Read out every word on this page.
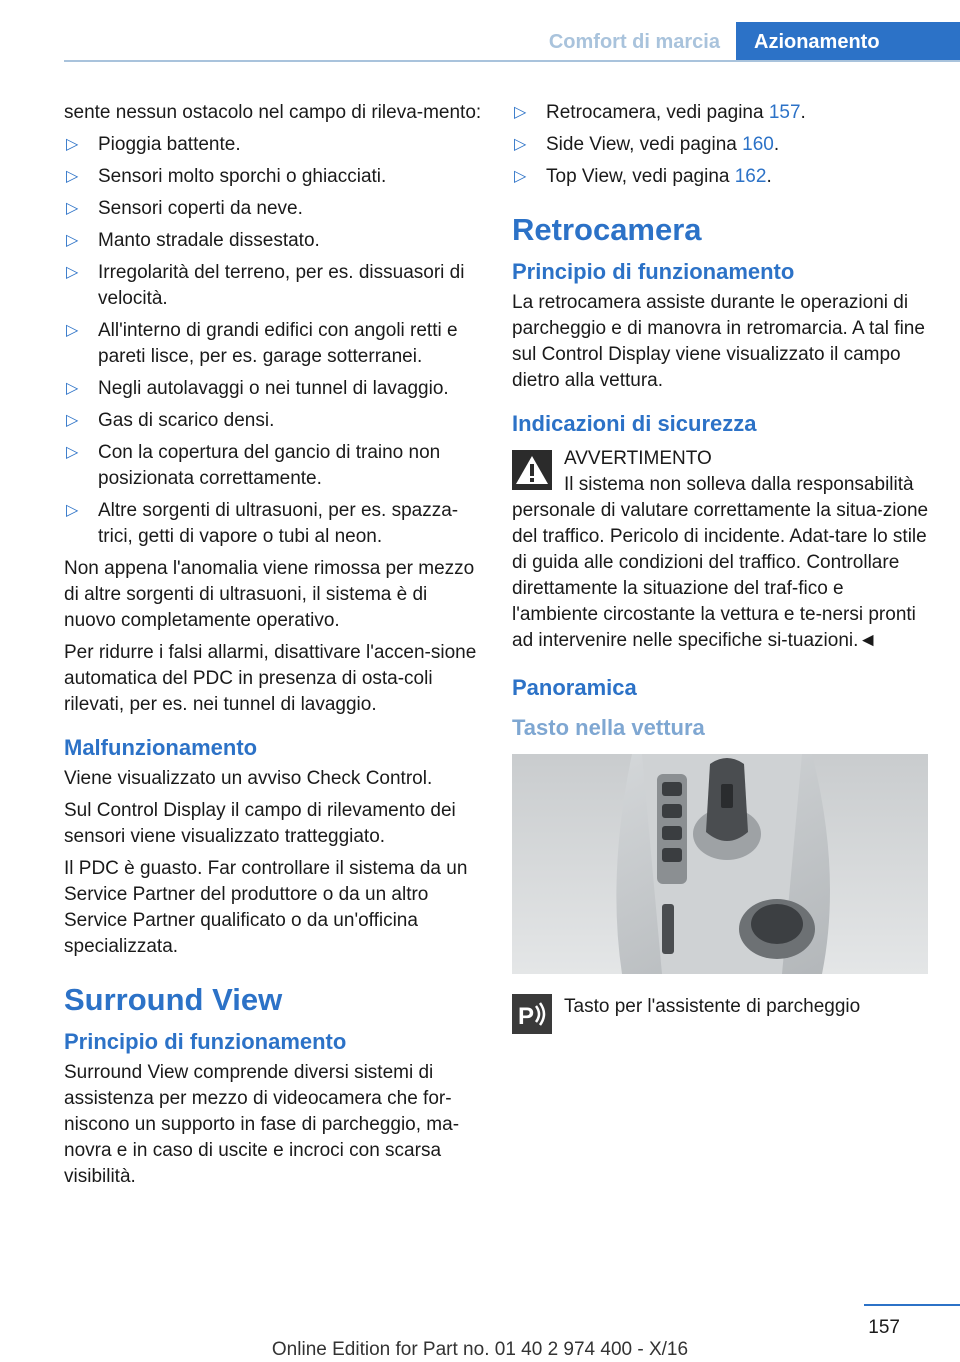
Comfort di marcia	Azionamento

sente nessun ostacolo nel campo di rileva-mento:

▷ Pioggia battente.
▷ Sensori molto sporchi o ghiacciati.
▷ Sensori coperti da neve.
▷ Manto stradale dissestato.
▷ Irregolarità del terreno, per es. dissuasori di velocità.
▷ All'interno di grandi edifici con angoli retti e pareti lisce, per es. garage sotterranei.
▷ Negli autolavaggi o nei tunnel di lavaggio.
▷ Gas di scarico densi.
▷ Con la copertura del gancio di traino non posizionata correttamente.
▷ Altre sorgenti di ultrasuoni, per es. spazza-trici, getti di vapore o tubi al neon.

Non appena l'anomalia viene rimossa per mezzo di altre sorgenti di ultrasuoni, il sistema è di nuovo completamente operativo.

Per ridurre i falsi allarmi, disattivare l'accen-sione automatica del PDC in presenza di osta-coli rilevati, per es. nei tunnel di lavaggio.

Malfunzionamento

Viene visualizzato un avviso Check Control.

Sul Control Display il campo di rilevamento dei sensori viene visualizzato tratteggiato.

Il PDC è guasto. Far controllare il sistema da un Service Partner del produttore o da un altro Service Partner qualificato o da un'officina specializzata.

Surround View
Principio di funzionamento

Surround View comprende diversi sistemi di assistenza per mezzo di videocamera che for-niscono un supporto in fase di parcheggio, ma-novra e in caso di uscite e incroci con scarsa visibilità.

▷ Retrocamera, vedi pagina 157.
▷ Side View, vedi pagina 160.
▷ Top View, vedi pagina 162.
Retrocamera
Principio di funzionamento

La retrocamera assiste durante le operazioni di parcheggio e di manovra in retromarcia. A tal fine sul Control Display viene visualizzato il campo dietro alla vettura.

Indicazioni di sicurezza
AVVERTIMENTO
Il sistema non solleva dalla responsabilità personale di valutare correttamente la situa-zione del traffico. Pericolo di incidente. Adat-tare lo stile di guida alle condizioni del traffico. Controllare direttamente la situazione del traf-fico e l'ambiente circostante la vettura e te-nersi pronti ad intervenire nelle specifiche si-tuazioni.◄
Panoramica
Tasto nella vettura
P Tasto per l'assistente di parcheggio
157
Online Edition for Part no. 01 40 2 974 400 - X/16
